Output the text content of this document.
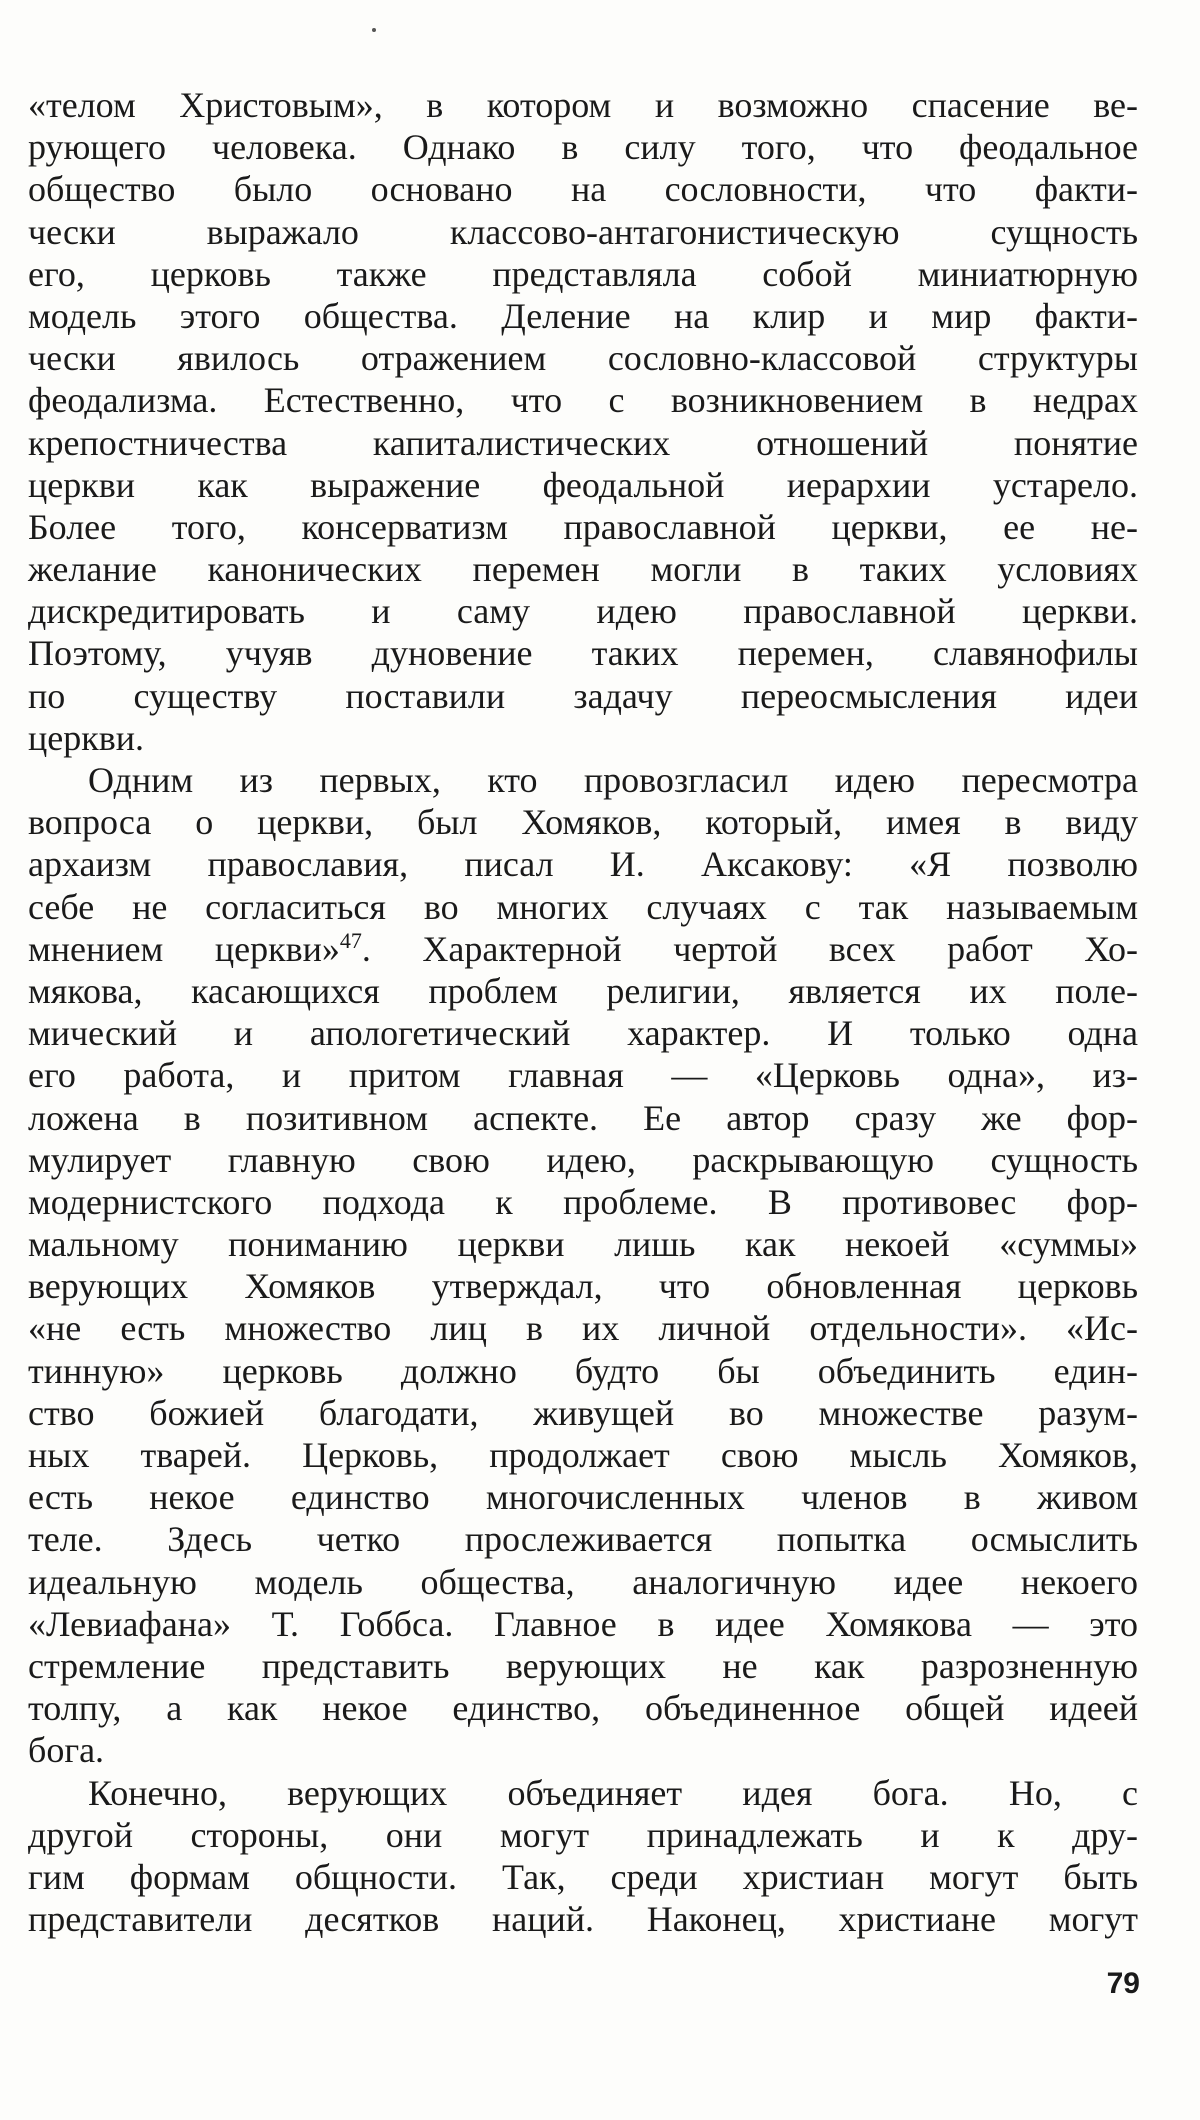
«телом Христовым», в котором и возможно спасение ве-
рующего человека. Однако в силу того, что феодальное
общество было основано на сословности, что факти-
чески выражало классово-антагонистическую сущность
его, церковь также представляла собой миниатюрную
модель этого общества. Деление на клир и мир факти-
чески явилось отражением сословно-классовой структуры
феодализма. Естественно, что с возникновением в недрах
крепостничества капиталистических отношений понятие
церкви как выражение феодальной иерархии устарело.
Более того, консерватизм православной церкви, ее не-
желание канонических перемен могли в таких условиях
дискредитировать и саму идею православной церкви.
Поэтому, учуяв дуновение таких перемен, славянофилы
по существу поставили задачу переосмысления идеи
церкви.
Одним из первых, кто провозгласил идею пересмотра
вопроса о церкви, был Хомяков, который, имея в виду
архаизм православия, писал И. Аксакову: «Я позволю
себе не согласиться во многих случаях с так называемым
мнением церкви»$^{47}$. Характерной чертой всех работ Хо-
мякова, касающихся проблем религии, является их поле-
мический и апологетический характер. И только одна
его работа, и притом главная — «Церковь одна», из-
ложена в позитивном аспекте. Ее автор сразу же фор-
мулирует главную свою идею, раскрывающую сущность
модернистского подхода к проблеме. В противовес фор-
мальному пониманию церкви лишь как некоей «суммы»
верующих Хомяков утверждал, что обновленная церковь
«не есть множество лиц в их личной отдельности». «Ис-
тинную» церковь должно будто бы объединить един-
ство божией благодати, живущей во множестве разум-
ных тварей. Церковь, продолжает свою мысль Хомяков,
есть некое единство многочисленных членов в живом
теле. Здесь четко прослеживается попытка осмыслить
идеальную модель общества, аналогичную идее некоего
«Левиафана» Т. Гоббса. Главное в идее Хомякова — это
стремление представить верующих не как разрозненную
толпу, а как некое единство, объединенное общей идеей
бога.
Конечно, верующих объединяет идея бога. Но, с
другой стороны, они могут принадлежать и к дру-
гим формам общности. Так, среди христиан могут быть
представители десятков наций. Наконец, христиане могут
79
